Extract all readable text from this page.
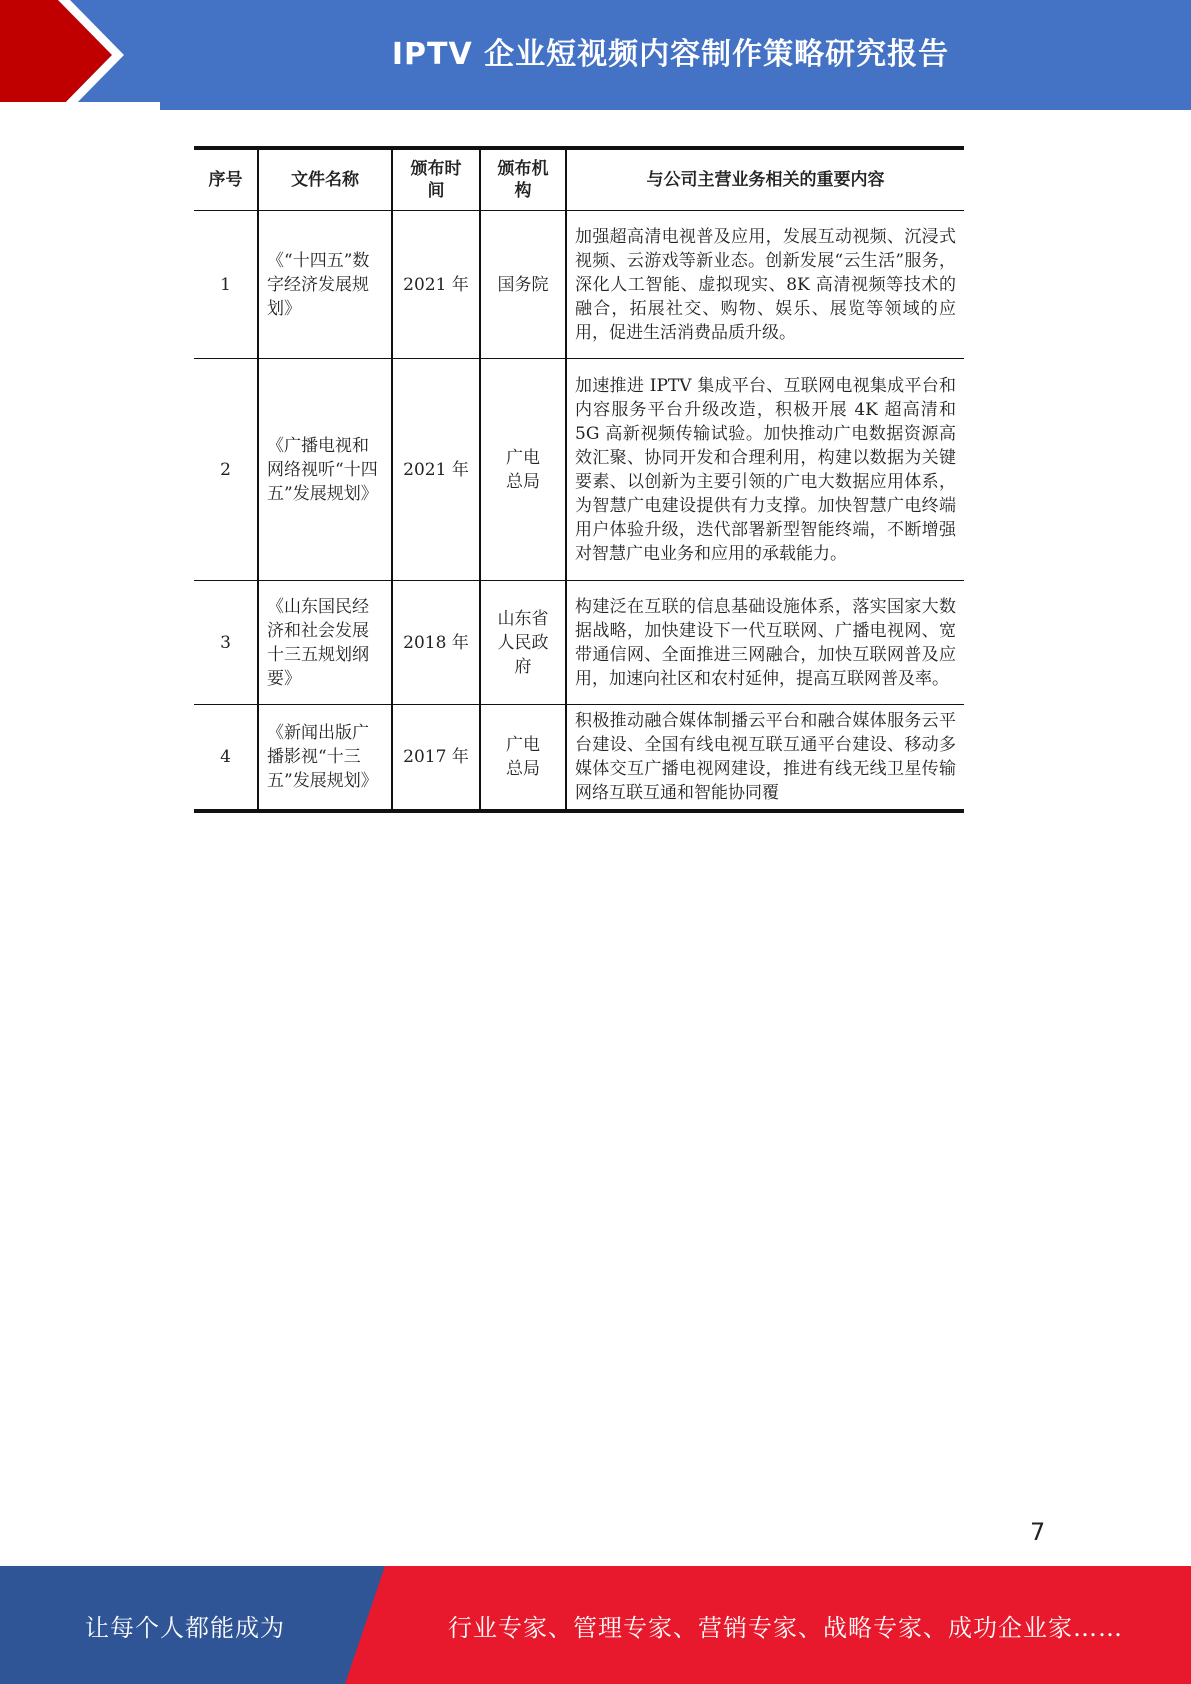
IPTV 企业短视频内容制作策略研究报告
序号	文件名称	颁布时间	颁布机构	与公司主营业务相关的重要内容
1	《“十四五”数字经济发展规划》	2021 年	国务院	加强超高清电视普及应用，发展互动视频、沉浸式视频、云游戏等新业态。创新发展“云生活”服务，深化人工智能、虚拟现实、8K 高清视频等技术的融合，拓展社交、购物、娱乐、展览等领域的应用，促进生活消费品质升级。
2	《广播电视和网络视听“十四五”发展规划》	2021 年	广电总局	加速推进 IPTV 集成平台、互联网电视集成平台和内容服务平台升级改造，积极开展 4K 超高清和 5G 高新视频传输试验。加快推动广电数据资源高效汇聚、协同开发和合理利用，构建以数据为关键要素、以创新为主要引领的广电大数据应用体系，为智慧广电建设提供有力支撑。加快智慧广电终端用户体验升级，迭代部署新型智能终端，不断增强对智慧广电业务和应用的承载能力。
3	《山东国民经济和社会发展十三五规划纲要》	2018 年	山东省人民政府	构建泛在互联的信息基础设施体系，落实国家大数据战略，加快建设下一代互联网、广播电视网、宽带通信网、全面推进三网融合，加快互联网普及应用，加速向社区和农村延伸，提高互联网普及率。
4	《新闻出版广播影视“十三五”发展规划》	2017 年	广电总局	积极推动融合媒体制播云平台和融合媒体服务云平台建设、全国有线电视互联互通平台建设、移动多媒体交互广播电视网建设，推进有线无线卫星传输网络互联互通和智能协同覆
7
让每个人都能成为	行业专家、管理专家、营销专家、战略专家、成功企业家……
